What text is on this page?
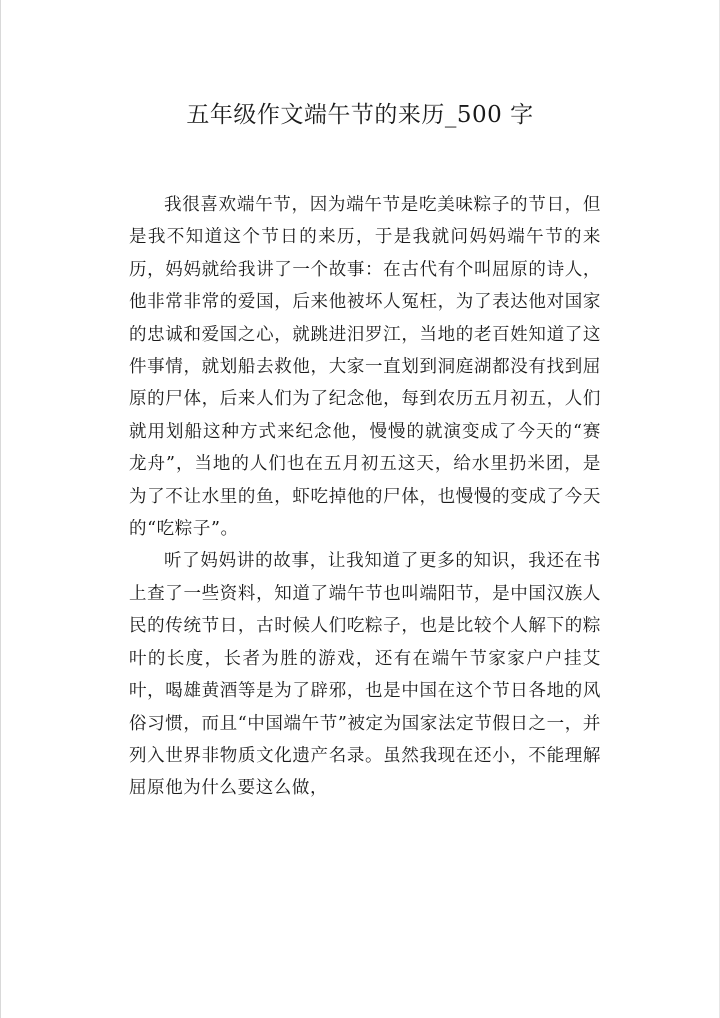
五年级作文端午节的来历_500 字

我很喜欢端午节，因为端午节是吃美味粽子的节日，但是我不知道这个节日的来历，于是我就问妈妈端午节的来历，妈妈就给我讲了一个故事：在古代有个叫屈原的诗人，他非常非常的爱国，后来他被坏人冤枉，为了表达他对国家的忠诚和爱国之心，就跳进汨罗江，当地的老百姓知道了这件事情，就划船去救他，大家一直划到洞庭湖都没有找到屈原的尸体，后来人们为了纪念他，每到农历五月初五，人们就用划船这种方式来纪念他，慢慢的就演变成了今天的“赛龙舟”，当地的人们也在五月初五这天，给水里扔米团，是为了不让水里的鱼，虾吃掉他的尸体，也慢慢的变成了今天的“吃粽子”。

听了妈妈讲的故事，让我知道了更多的知识，我还在书上查了一些资料，知道了端午节也叫端阳节，是中国汉族人民的传统节日，古时候人们吃粽子，也是比较个人解下的粽叶的长度，长者为胜的游戏，还有在端午节家家户户挂艾叶，喝雄黄酒等是为了辟邪，也是中国在这个节日各地的风俗习惯，而且“中国端午节”被定为国家法定节假日之一，并列入世界非物质文化遗产名录。虽然我现在还小，不能理解屈原他为什么要这么做，
